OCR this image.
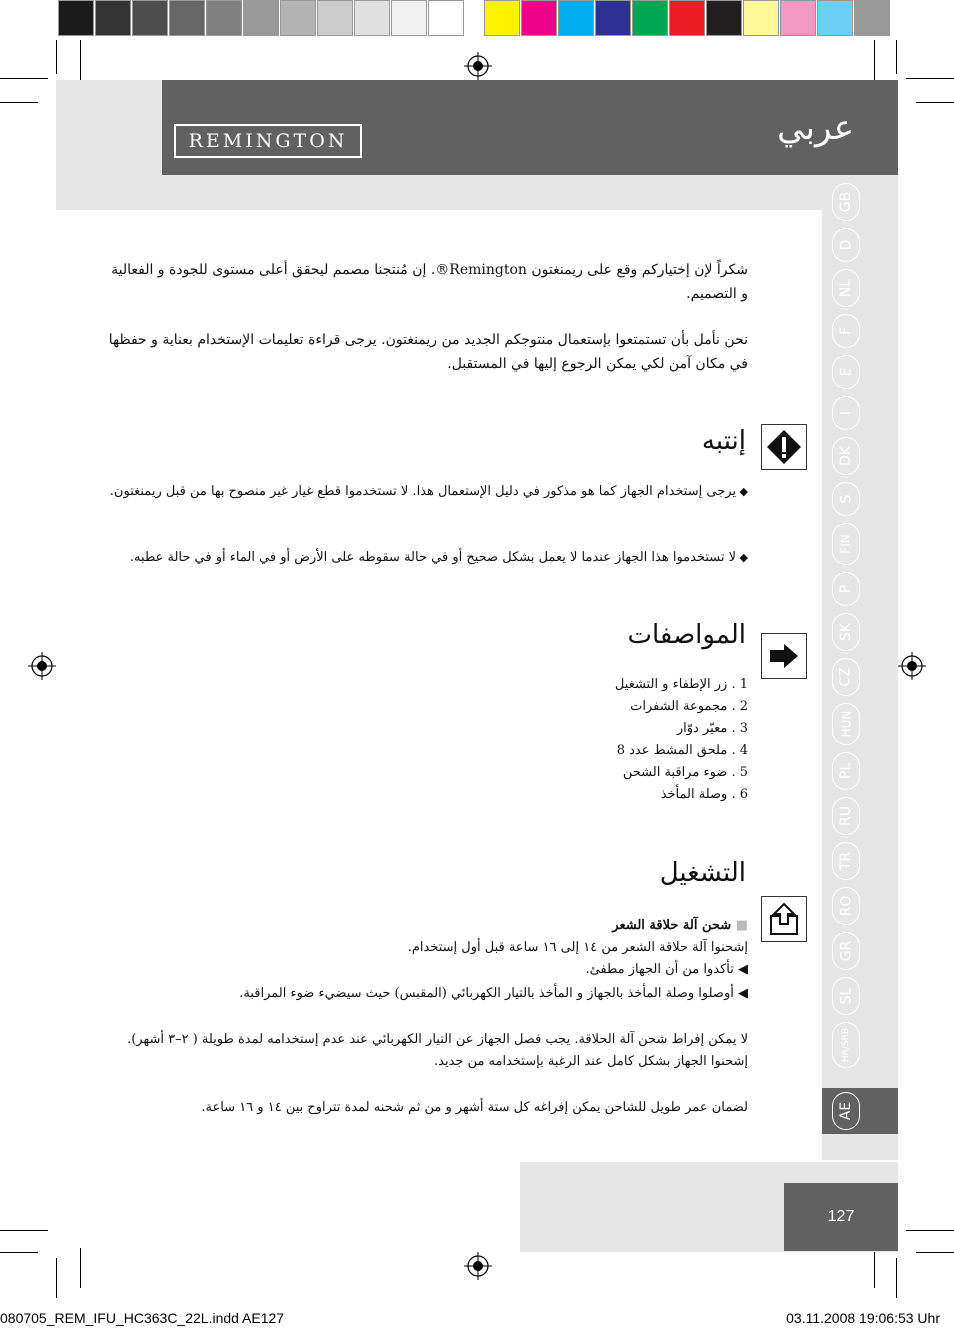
REMINGTON	عربي
GB
D
NL
F
E
I
DK
S
FIN
P
SK
CZ
HUN
PL
RU
TR
RO
GR
SL
HR/SRB
AE
127
شكراً لإن إختياركم وقع على ريمنغتون Remington®. إن مُنتجنا مصمم ليحقق أعلى مستوى للجودة و الفعالية و التصميم.
نحن نأمل بأن تستمتعوا بإستعمال منتوجكم الجديد من ريمنغتون. يرجى قراءة تعليمات الإستخدام بعناية و حفظها في مكان آمن لكي يمكن الرجوع إليها في المستقبل.
إنتبه
◆ يرجى إستخدام الجهاز كما هو مذكور في دليل الإستعمال هذا. لا تستخدموا قطع غيار غير منصوح بها من قبل ريمنغتون.
◆ لا تستخدموا هذا الجهاز عندما لا يعمل بشكل صحيح أو في حالة سقوطه على الأرض أو في الماء أو في حالة عطبه.
المواصفات
1 . زر الإطفاء و التشغيل
2 . مجموعة الشفرات
3 . معيّر دوّار
4 . ملحق المشط عدد 8
5 . ضوء مراقبة الشحن
6 . وصلة المأخذ
التشغيل
■ شحن آلة حلاقة الشعر
إشحنوا آلة حلاقة الشعر من ١٤ إلى ١٦ ساعة قبل أول إستخدام.
◀ تأكدوا من أن الجهاز مطفئ.
◀ أوصلوا وصلة المأخذ بالجهاز و المأخذ بالتيار الكهربائي (المقبس) حيث سيضيء ضوء المراقبة.
لا يمكن إفراط شحن آلة الحلاقة. يجب فصل الجهاز عن التيار الكهربائي عند عدم إستخدامه لمدة طويلة ( ٢–٣ أشهر).
إشحنوا الجهاز بشكل كامل عند الرغبة بإستخدامه من جديد.
لضمان عمر طويل للشاحن يمكن إفراغه كل ستة أشهر و من ثم شحنه لمدة تتراوح بين ١٤ و ١٦ ساعة.
080705_REM_IFU_HC363C_22L.indd AE127	03.11.2008 19:06:53 Uhr
